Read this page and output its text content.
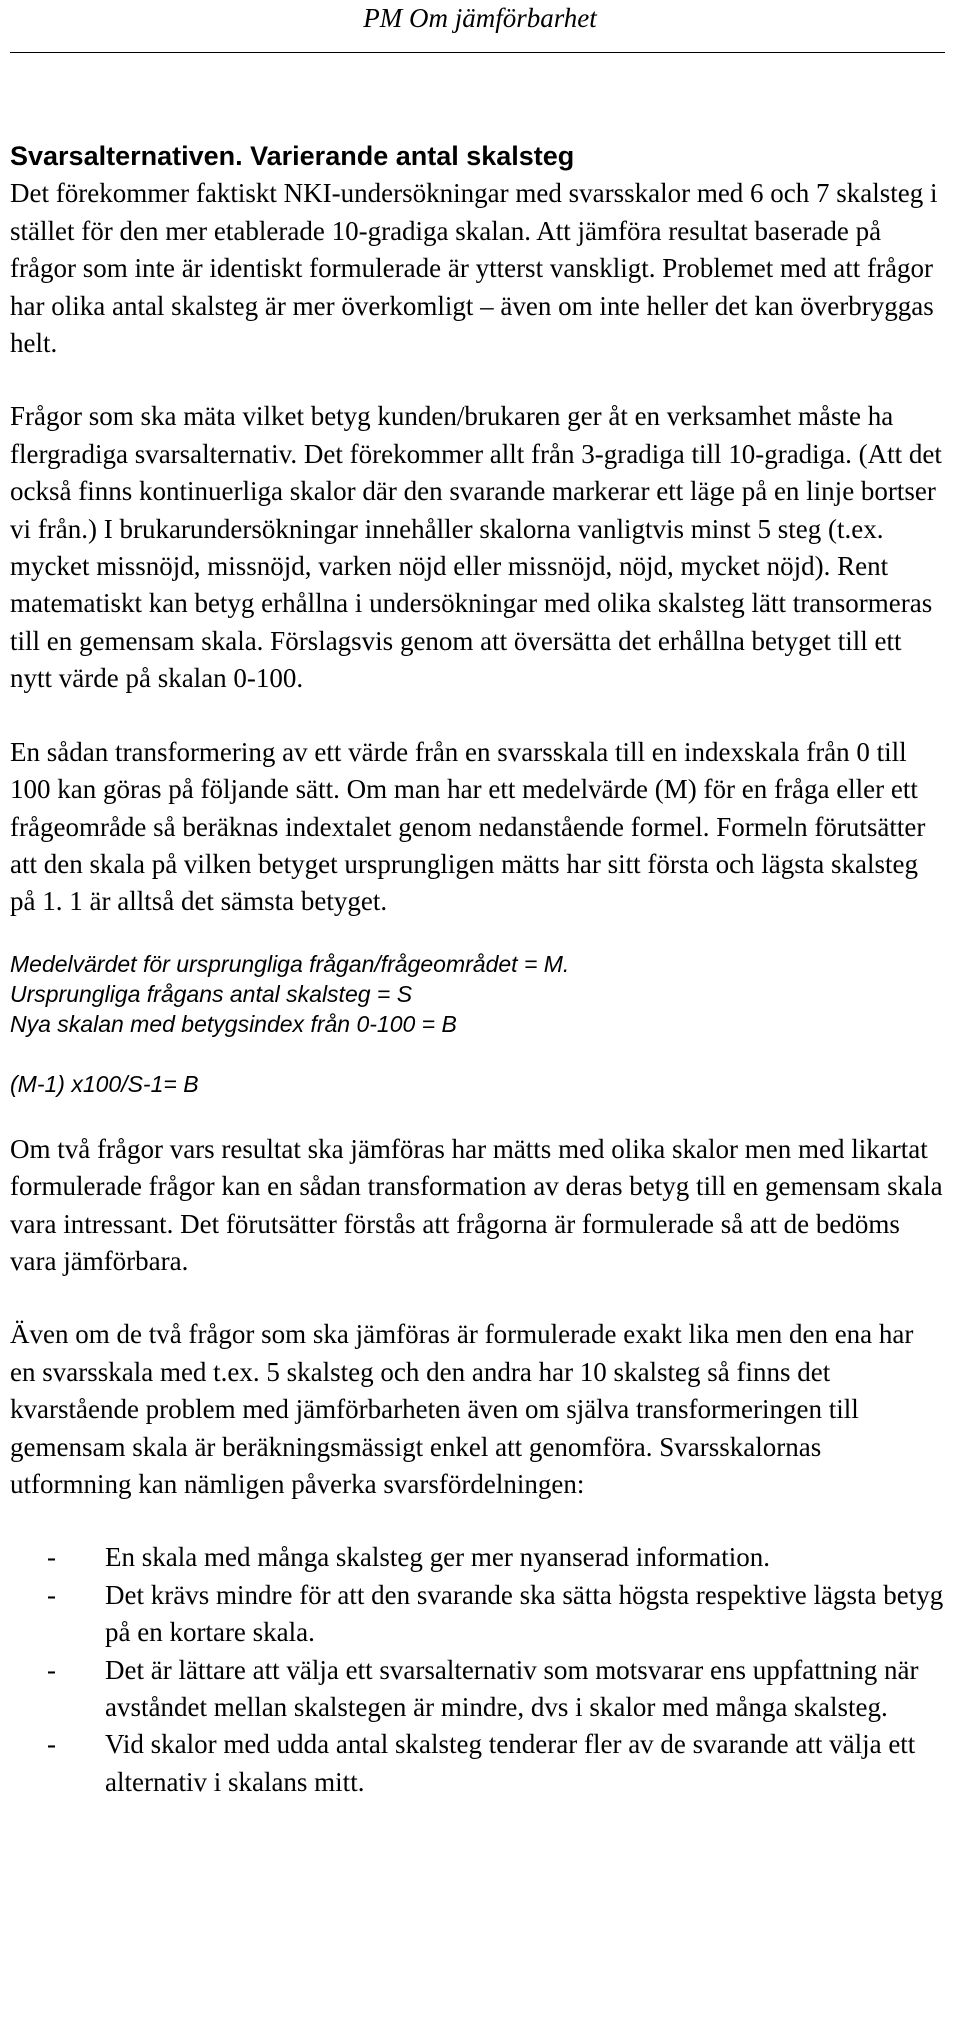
PM Om jämförbarhet

Svarsalternativen. Varierande antal skalsteg

Det förekommer faktiskt NKI-undersökningar med svarsskalor med 6 och 7 skalsteg i stället för den mer etablerade 10-gradiga skalan. Att jämföra resultat baserade på frågor som inte är identiskt formulerade är ytterst vanskligt. Problemet med att frågor har olika antal skalsteg är mer överkomligt – även om inte heller det kan överbryggas helt.

Frågor som ska mäta vilket betyg kunden/brukaren ger åt en verksamhet måste ha flergradiga svarsalternativ. Det förekommer allt från 3-gradiga till 10-gradiga. (Att det också finns kontinuerliga skalor där den svarande markerar ett läge på en linje bortser vi från.) I brukarundersökningar innehåller skalorna vanligtvis minst 5 steg (t.ex. mycket missnöjd, missnöjd, varken nöjd eller missnöjd, nöjd, mycket nöjd). Rent matematiskt kan betyg erhållna i undersökningar med olika skalsteg lätt transormeras till en gemensam skala. Förslagsvis genom att översätta det erhållna betyget till ett nytt värde på skalan 0-100.

En sådan transformering av ett värde från en svarsskala till en indexskala från 0 till 100 kan göras på följande sätt. Om man har ett medelvärde (M) för en fråga eller ett frågeområde så beräknas indextalet genom nedanstående formel. Formeln förutsätter att den skala på vilken betyget ursprungligen mätts har sitt första och lägsta skalsteg på 1. 1 är alltså det sämsta betyget.

Medelvärdet för ursprungliga frågan/frågeområdet = M.

Ursprungliga frågans antal skalsteg = S

Nya skalan med betygsindex från 0-100 = B

(M-1) x100/S-1= B

Om två frågor vars resultat ska jämföras har mätts med olika skalor men med likartat formulerade frågor kan en sådan transformation av deras betyg till en gemensam skala vara intressant. Det förutsätter förstås att frågorna är formulerade så att de bedöms vara jämförbara.

Även om de två frågor som ska jämföras är formulerade exakt lika men den ena har en svarsskala med t.ex. 5 skalsteg och den andra har 10 skalsteg så finns det kvarstående problem med jämförbarheten även om själva transformeringen till gemensam skala är beräkningsmässigt enkel att genomföra. Svarsskalornas utformning kan nämligen påverka svarsfördelningen:

- En skala med många skalsteg ger mer nyanserad information.
- Det krävs mindre för att den svarande ska sätta högsta respektive lägsta betyg på en kortare skala.
- Det är lättare att välja ett svarsalternativ som motsvarar ens uppfattning när avståndet mellan skalstegen är mindre, dvs i skalor med många skalsteg.
- Vid skalor med udda antal skalsteg tenderar fler av de svarande att välja ett alternativ i skalans mitt.
